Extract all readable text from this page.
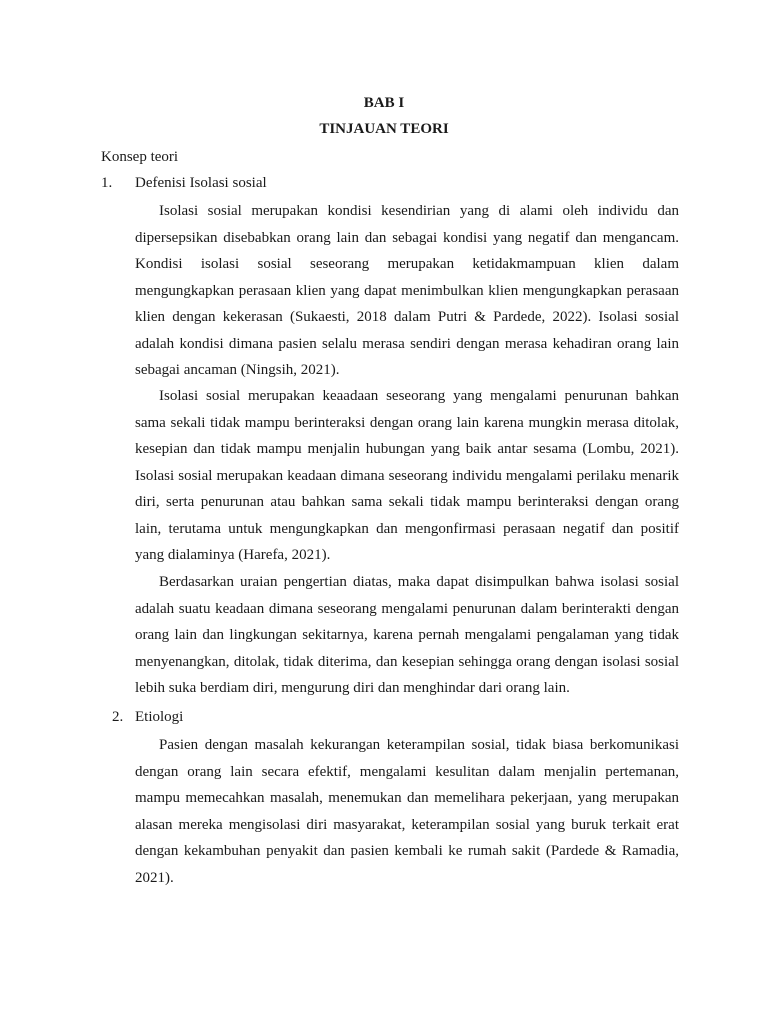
BAB I
TINJAUAN TEORI
Konsep teori
1. Defenisi Isolasi sosial

Isolasi sosial merupakan kondisi kesendirian yang di alami oleh individu dan dipersepsikan disebabkan orang lain dan sebagai kondisi yang negatif dan mengancam. Kondisi isolasi sosial seseorang merupakan ketidakmampuan klien dalam mengungkapkan perasaan klien yang dapat menimbulkan klien mengungkapkan perasaan klien dengan kekerasan (Sukaesti, 2018 dalam Putri & Pardede, 2022). Isolasi sosial adalah kondisi dimana pasien selalu merasa sendiri dengan merasa kehadiran orang lain sebagai ancaman (Ningsih, 2021).

Isolasi sosial merupakan keaadaan seseorang yang mengalami penurunan bahkan sama sekali tidak mampu berinteraksi dengan orang lain karena mungkin merasa ditolak, kesepian dan tidak mampu menjalin hubungan yang baik antar sesama (Lombu, 2021). Isolasi sosial merupakan keadaan dimana seseorang individu mengalami perilaku menarik diri, serta penurunan atau bahkan sama sekali tidak mampu berinteraksi dengan orang lain, terutama untuk mengungkapkan dan mengonfirmasi perasaan negatif dan positif yang dialaminya (Harefa, 2021).

Berdasarkan uraian pengertian diatas, maka dapat disimpulkan bahwa isolasi sosial adalah suatu keadaan dimana seseorang mengalami penurunan dalam berinterakti dengan orang lain dan lingkungan sekitarnya, karena pernah mengalami pengalaman yang tidak menyenangkan, ditolak, tidak diterima, dan kesepian sehingga orang dengan isolasi sosial lebih suka berdiam diri, mengurung diri dan menghindar dari orang lain.

2. Etiologi

Pasien dengan masalah kekurangan keterampilan sosial, tidak biasa berkomunikasi dengan orang lain secara efektif, mengalami kesulitan dalam menjalin pertemanan, mampu memecahkan masalah, menemukan dan memelihara pekerjaan, yang merupakan alasan mereka mengisolasi diri masyarakat, keterampilan sosial yang buruk terkait erat dengan kekambuhan penyakit dan pasien kembali ke rumah sakit (Pardede & Ramadia, 2021).
